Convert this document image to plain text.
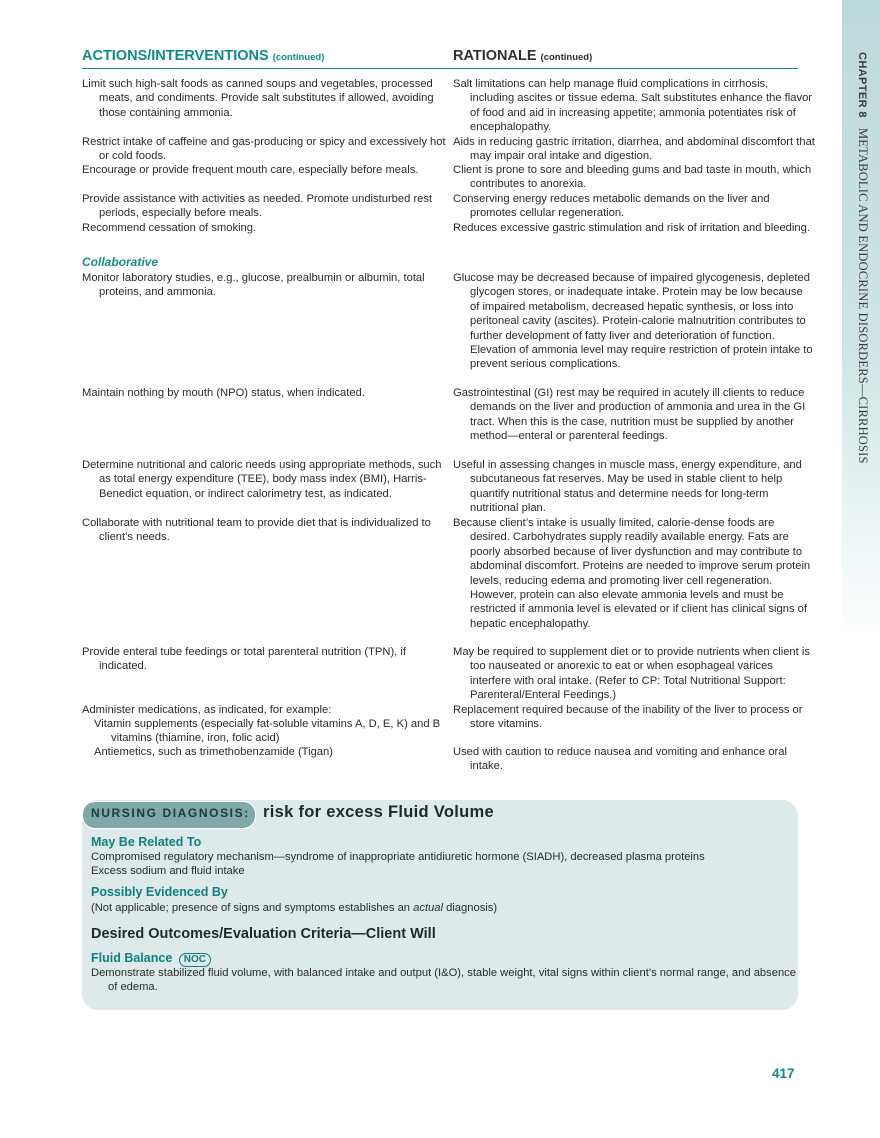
CHAPTER 8METABOLIC AND ENDOCRINE DISORDERS—CIRRHOSIS
ACTIONS/INTERVENTIONS (continued)	RATIONALE (continued)

Limit such high-salt foods as canned soups and vegetables, processed meats, and condiments. Provide salt substitutes if allowed, avoiding those containing ammonia.

Restrict intake of caffeine and gas-producing or spicy and excessively hot or cold foods.

Encourage or provide frequent mouth care, especially before meals.

Provide assistance with activities as needed. Promote undisturbed rest periods, especially before meals.

Recommend cessation of smoking.

Collaborative

Monitor laboratory studies, e.g., glucose, prealbumin or albumin, total proteins, and ammonia.

Maintain nothing by mouth (NPO) status, when indicated.

Determine nutritional and caloric needs using appropriate methods, such as total energy expenditure (TEE), body mass index (BMI), Harris-Benedict equation, or indirect calorimetry test, as indicated.

Collaborate with nutritional team to provide diet that is individualized to client’s needs.

Provide enteral tube feedings or total parenteral nutrition (TPN), if indicated.

Administer medications, as indicated, for example:

Vitamin supplements (especially fat-soluble vitamins A, D, E, K) and B vitamins (thiamine, iron, folic acid)

Antiemetics, such as trimethobenzamide (Tigan)

Salt limitations can help manage fluid complications in cirrhosis, including ascites or tissue edema. Salt substitutes enhance the flavor of food and aid in increasing appetite; ammonia potentiates risk of encephalopathy.

Aids in reducing gastric irritation, diarrhea, and abdominal discomfort that may impair oral intake and digestion.

Client is prone to sore and bleeding gums and bad taste in mouth, which contributes to anorexia.

Conserving energy reduces metabolic demands on the liver and promotes cellular regeneration.

Reduces excessive gastric stimulation and risk of irritation and bleeding.

Glucose may be decreased because of impaired glycogenesis, depleted glycogen stores, or inadequate intake. Protein may be low because of impaired metabolism, decreased hepatic synthesis, or loss into peritoneal cavity (ascites). Protein-calorie malnutrition contributes to further development of fatty liver and deterioration of function. Elevation of ammonia level may require restriction of protein intake to prevent serious complications.

Gastrointestinal (GI) rest may be required in acutely ill clients to reduce demands on the liver and production of ammonia and urea in the GI tract. When this is the case, nutrition must be supplied by another method—enteral or parenteral feedings.

Useful in assessing changes in muscle mass, energy expenditure, and subcutaneous fat reserves. May be used in stable client to help quantify nutritional status and determine needs for long-term nutritional plan.

Because client’s intake is usually limited, calorie-dense foods are desired. Carbohydrates supply readily available energy. Fats are poorly absorbed because of liver dysfunction and may contribute to abdominal discomfort. Proteins are needed to improve serum protein levels, reducing edema and promoting liver cell regeneration. However, protein can also elevate ammonia levels and must be restricted if ammonia level is elevated or if client has clinical signs of hepatic encephalopathy.

May be required to supplement diet or to provide nutrients when client is too nauseated or anorexic to eat or when esophageal varices interfere with oral intake. (Refer to CP: Total Nutritional Support: Parenteral/Enteral Feedings.)

Replacement required because of the inability of the liver to process or store vitamins.

Used with caution to reduce nausea and vomiting and enhance oral intake.

NURSING DIAGNOSIS: risk for excess Fluid Volume
May Be Related To
Compromised regulatory mechanism—syndrome of inappropriate antidiuretic hormone (SIADH), decreased plasma proteins
Excess sodium and fluid intake
Possibly Evidenced By
(Not applicable; presence of signs and symptoms establishes an actual diagnosis)
Desired Outcomes/Evaluation Criteria—Client Will
Fluid Balance NOC
Demonstrate stabilized fluid volume, with balanced intake and output (I&O), stable weight, vital signs within client’s normal range, and absence of edema.
417
